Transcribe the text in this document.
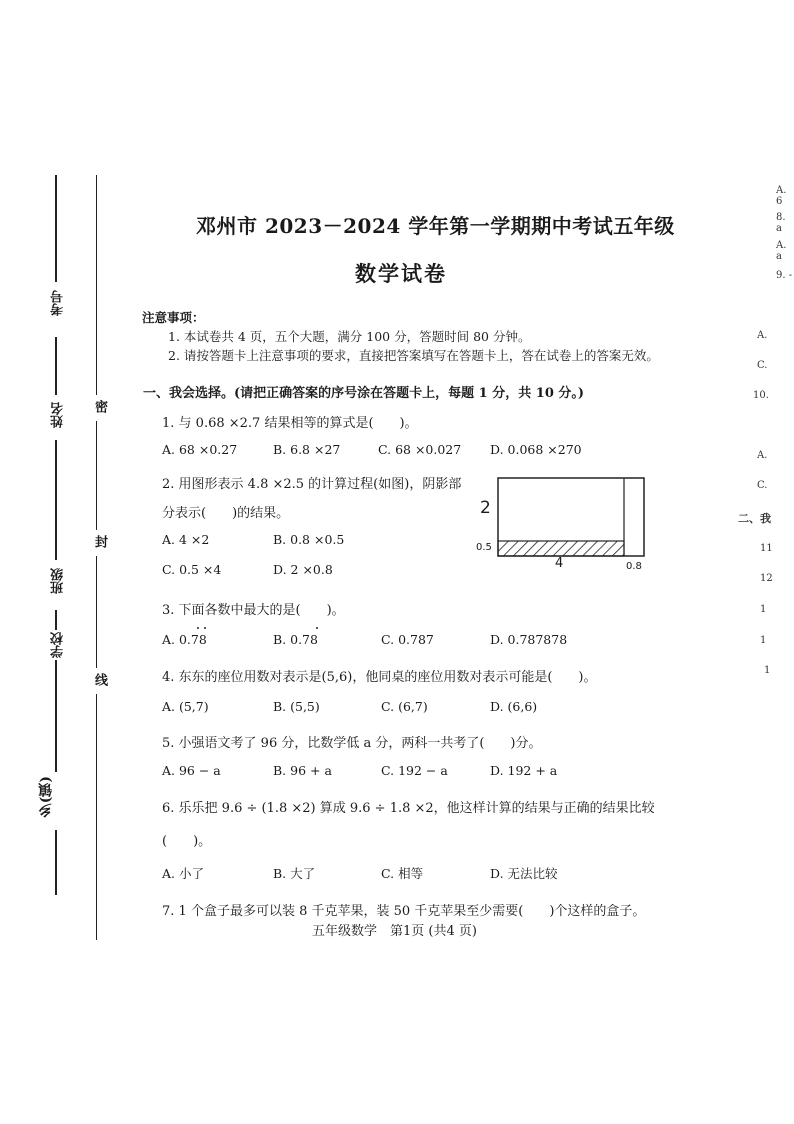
考号
姓名
班级
学校
乡(镇)
密
封
线
邓州市 2023－2024 学年第一学期期中考试五年级
数学试卷
注意事项：
1. 本试卷共 4 页，五个大题，满分 100 分，答题时间 80 分钟。
2. 请按答题卡上注意事项的要求，直接把答案填写在答题卡上，答在试卷上的答案无效。
一、我会选择。(请把正确答案的序号涂在答题卡上，每题 1 分，共 10 分。)
1. 与 0.68 ×2.7 结果相等的算式是(　　)。
A. 68 ×0.27	B. 6.8 ×27	C. 68 ×0.027 D. 0.068 ×270
2. 用图形表示 4.8 ×2.5 的计算过程(如图)，阴影部
分表示(　　)的结果。
A. 4 ×2	B. 0.8 ×0.5
C. 0.5 ×4	D. 2 ×0.8
2
0.5
4	0.8
3. 下面各数中最大的是(　　)。
A. 0.78	B. 0.78	C. 0.787	D. 0.787878
4. 东东的座位用数对表示是(5,6)，他同桌的座位用数对表示可能是(　　)。
A. (5,7)	B. (5,5)	C. (6,7)	D. (6,6)
5. 小强语文考了 96 分，比数学低 a 分，两科一共考了(　　)分。
A. 96 − a	B. 96 + a	C. 192 − a	D. 192 + a
6. 乐乐把 9.6 ÷ (1.8 ×2) 算成 9.6 ÷ 1.8 ×2，他这样计算的结果与正确的结果比较
(　　)。
A. 小了	B. 大了	C. 相等	D. 无法比较
7. 1 个盒子最多可以装 8 千克苹果，装 50 千克苹果至少需要(　　)个这样的盒子。
五年级数学　第1页 (共4 页)
A. 6
8. a
A. a
9. -
A.
C.
10.
A.
C.
二、我
11
12
1
1
1
